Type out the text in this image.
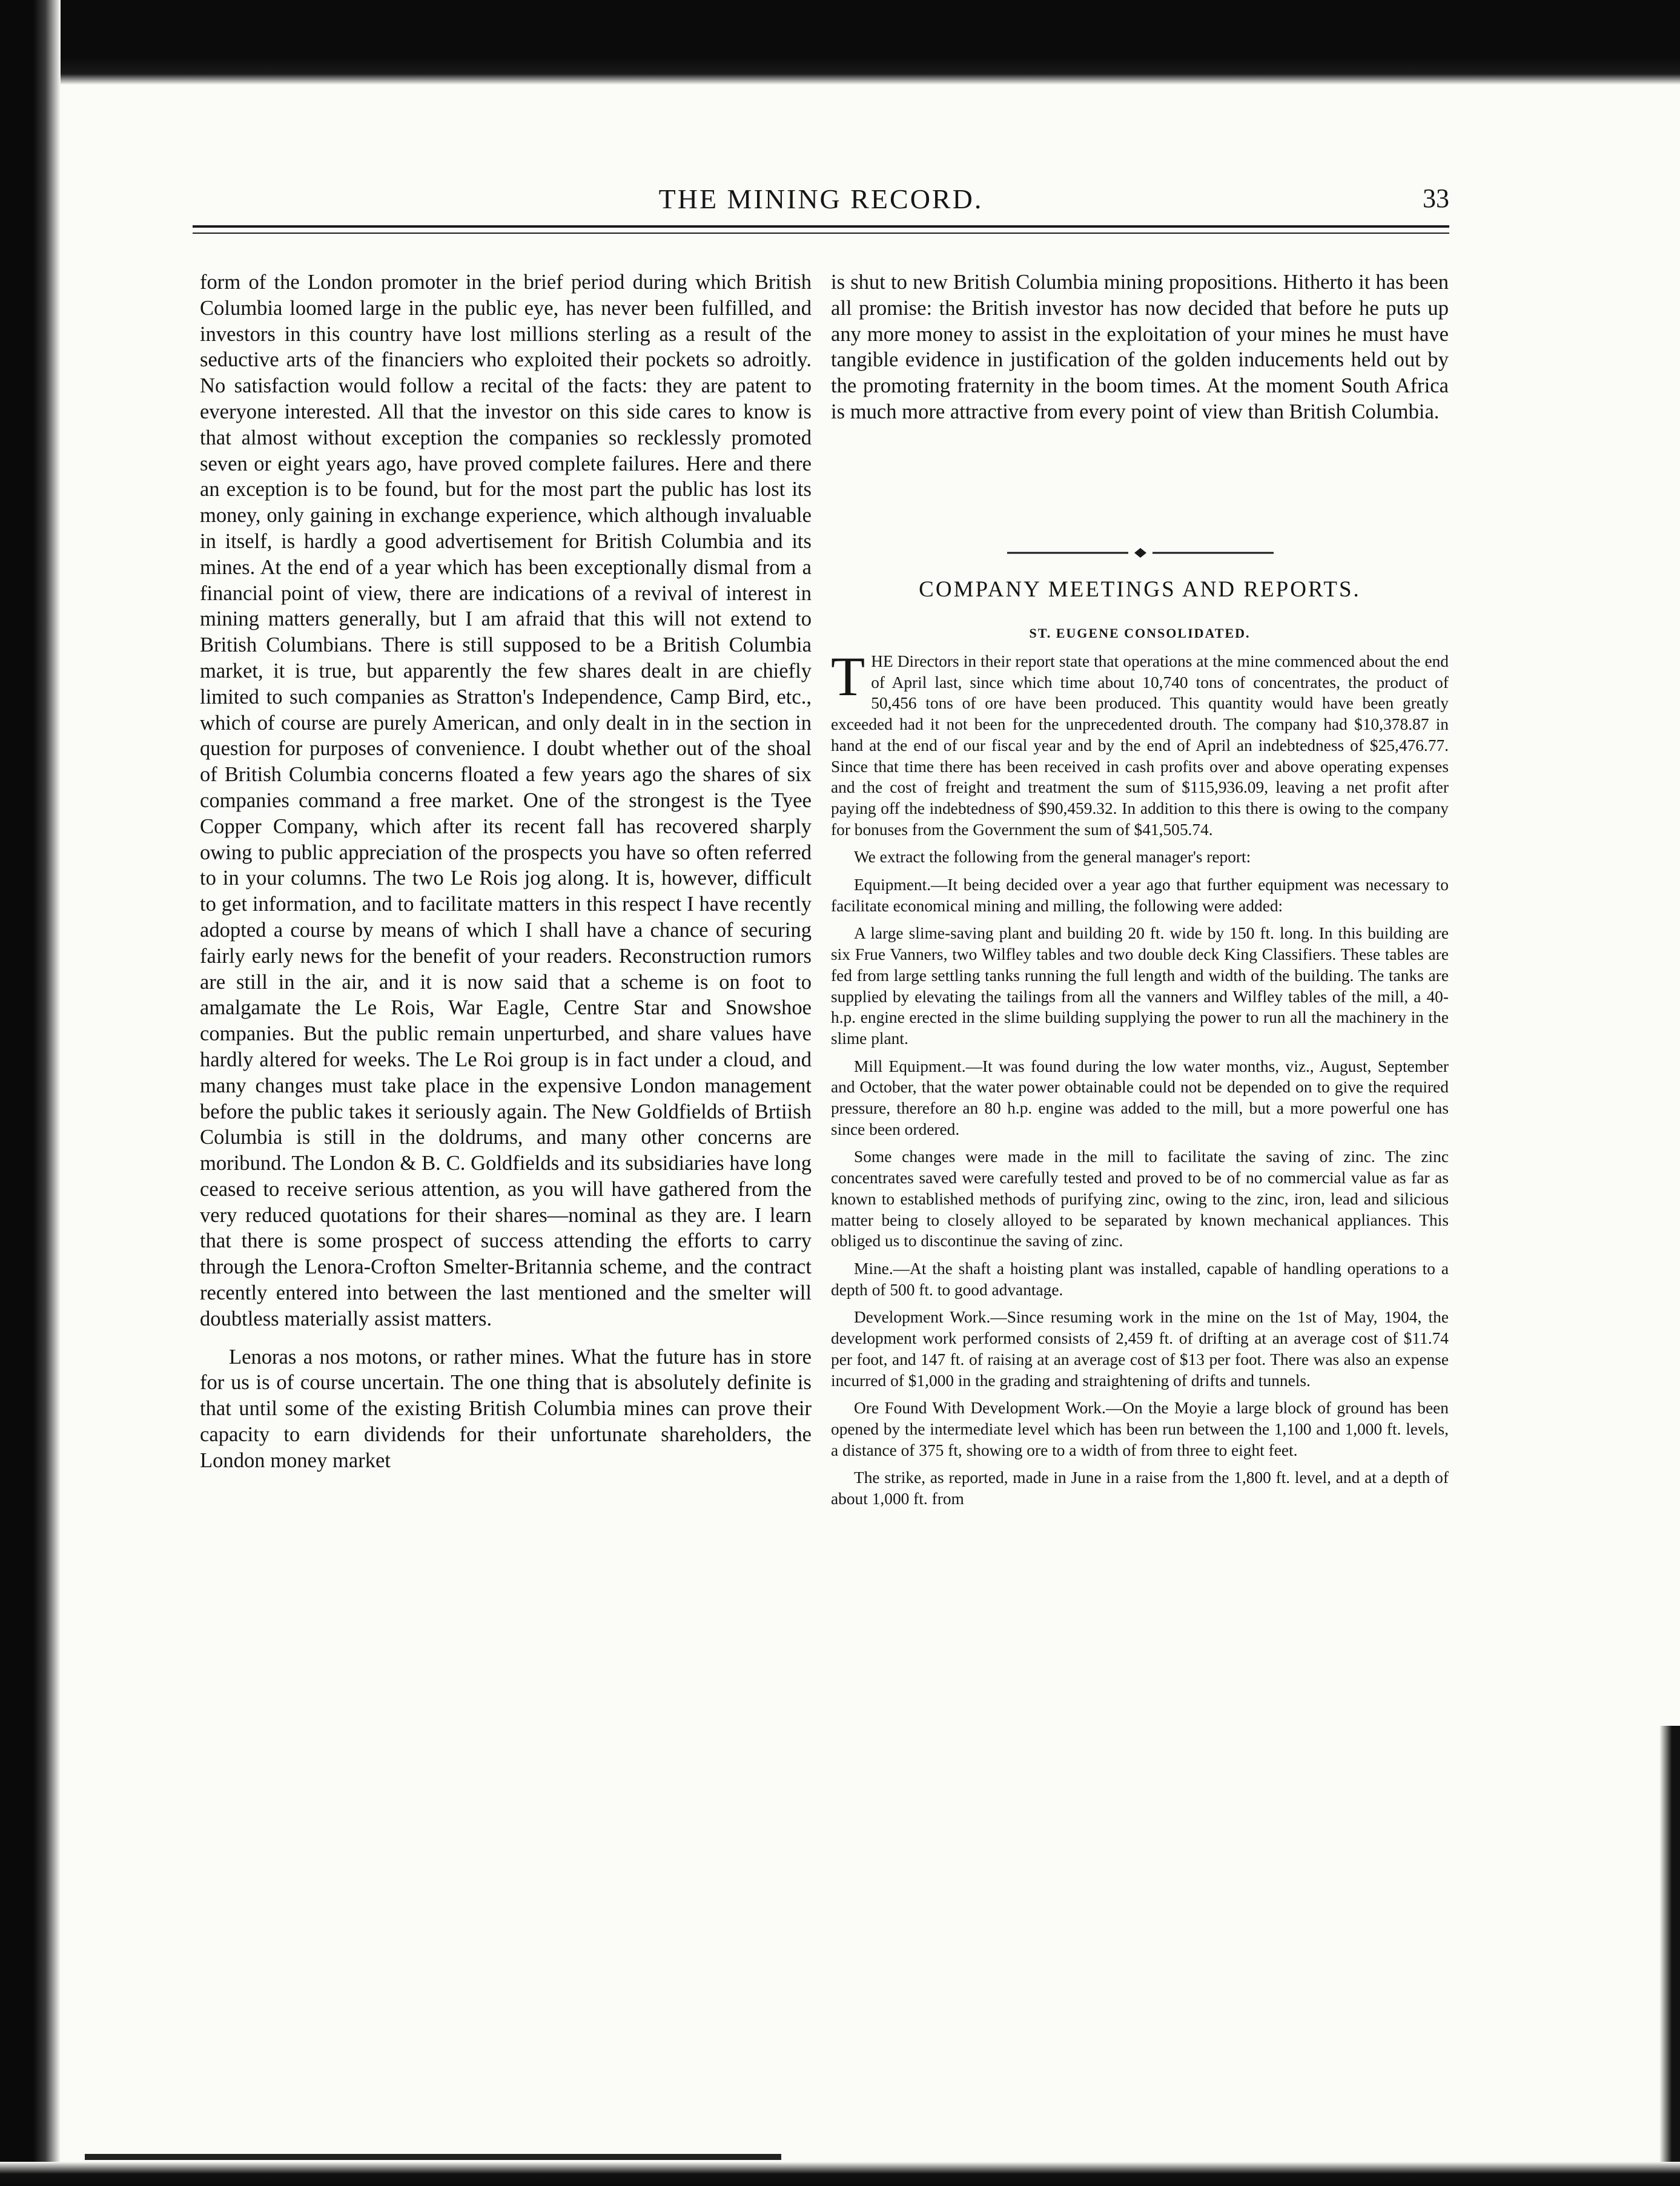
THE MINING RECORD.	33

form of the London promoter in the brief period during which British Columbia loomed large in the public eye, has never been fulfilled, and investors in this country have lost millions sterling as a result of the seductive arts of the financiers who exploited their pockets so adroitly. No satisfaction would follow a recital of the facts: they are patent to everyone interested. All that the investor on this side cares to know is that almost without exception the companies so recklessly promoted seven or eight years ago, have proved complete failures. Here and there an exception is to be found, but for the most part the public has lost its money, only gaining in exchange experience, which although invaluable in itself, is hardly a good advertisement for British Columbia and its mines. At the end of a year which has been exceptionally dismal from a financial point of view, there are indications of a revival of interest in mining matters generally, but I am afraid that this will not extend to British Columbians. There is still supposed to be a British Columbia market, it is true, but apparently the few shares dealt in are chiefly limited to such companies as Stratton's Independence, Camp Bird, etc., which of course are purely American, and only dealt in in the section in question for purposes of convenience. I doubt whether out of the shoal of British Columbia concerns floated a few years ago the shares of six companies command a free market. One of the strongest is the Tyee Copper Company, which after its recent fall has recovered sharply owing to public appreciation of the prospects you have so often referred to in your columns. The two Le Rois jog along. It is, however, difficult to get information, and to facilitate matters in this respect I have recently adopted a course by means of which I shall have a chance of securing fairly early news for the benefit of your readers. Reconstruction rumors are still in the air, and it is now said that a scheme is on foot to amalgamate the Le Rois, War Eagle, Centre Star and Snowshoe companies. But the public remain unperturbed, and share values have hardly altered for weeks. The Le Roi group is in fact under a cloud, and many changes must take place in the expensive London management before the public takes it seriously again. The New Goldfields of Brtiish Columbia is still in the doldrums, and many other concerns are moribund. The London & B. C. Goldfields and its subsidiaries have long ceased to receive serious attention, as you will have gathered from the very reduced quotations for their shares—nominal as they are. I learn that there is some prospect of success attending the efforts to carry through the Lenora-Crofton Smelter-Britannia scheme, and the contract recently entered into between the last mentioned and the smelter will doubtless materially assist matters.

Lenoras a nos motons, or rather mines. What the future has in store for us is of course uncertain. The one thing that is absolutely definite is that until some of the existing British Columbia mines can prove their capacity to earn dividends for their unfortunate shareholders, the London money market

is shut to new British Columbia mining propositions. Hitherto it has been all promise: the British investor has now decided that before he puts up any more money to assist in the exploitation of your mines he must have tangible evidence in justification of the golden inducements held out by the promoting fraternity in the boom times. At the moment South Africa is much more attractive from every point of view than British Columbia.

COMPANY MEETINGS AND REPORTS.
ST. EUGENE CONSOLIDATED.

THE Directors in their report state that operations at the mine commenced about the end of April last, since which time about 10,740 tons of concentrates, the product of 50,456 tons of ore have been produced. This quantity would have been greatly exceeded had it not been for the unprecedented drouth. The company had $10,378.87 in hand at the end of our fiscal year and by the end of April an indebtedness of $25,476.77. Since that time there has been received in cash profits over and above operating expenses and the cost of freight and treatment the sum of $115,936.09, leaving a net profit after paying off the indebtedness of $90,459.32. In addition to this there is owing to the company for bonuses from the Government the sum of $41,505.74.

We extract the following from the general manager's report:

Equipment.—It being decided over a year ago that further equipment was necessary to facilitate economical mining and milling, the following were added:

A large slime-saving plant and building 20 ft. wide by 150 ft. long. In this building are six Frue Vanners, two Wilfley tables and two double deck King Classifiers. These tables are fed from large settling tanks running the full length and width of the building. The tanks are supplied by elevating the tailings from all the vanners and Wilfley tables of the mill, a 40-h.p. engine erected in the slime building supplying the power to run all the machinery in the slime plant.

Mill Equipment.—It was found during the low water months, viz., August, September and October, that the water power obtainable could not be depended on to give the required pressure, therefore an 80 h.p. engine was added to the mill, but a more powerful one has since been ordered.

Some changes were made in the mill to facilitate the saving of zinc. The zinc concentrates saved were carefully tested and proved to be of no commercial value as far as known to established methods of purifying zinc, owing to the zinc, iron, lead and silicious matter being to closely alloyed to be separated by known mechanical appliances. This obliged us to discontinue the saving of zinc.

Mine.—At the shaft a hoisting plant was installed, capable of handling operations to a depth of 500 ft. to good advantage.

Development Work.—Since resuming work in the mine on the 1st of May, 1904, the development work performed consists of 2,459 ft. of drifting at an average cost of $11.74 per foot, and 147 ft. of raising at an average cost of $13 per foot. There was also an expense incurred of $1,000 in the grading and straightening of drifts and tunnels.

Ore Found With Development Work.—On the Moyie a large block of ground has been opened by the intermediate level which has been run between the 1,100 and 1,000 ft. levels, a distance of 375 ft, showing ore to a width of from three to eight feet.

The strike, as reported, made in June in a raise from the 1,800 ft. level, and at a depth of about 1,000 ft. from
